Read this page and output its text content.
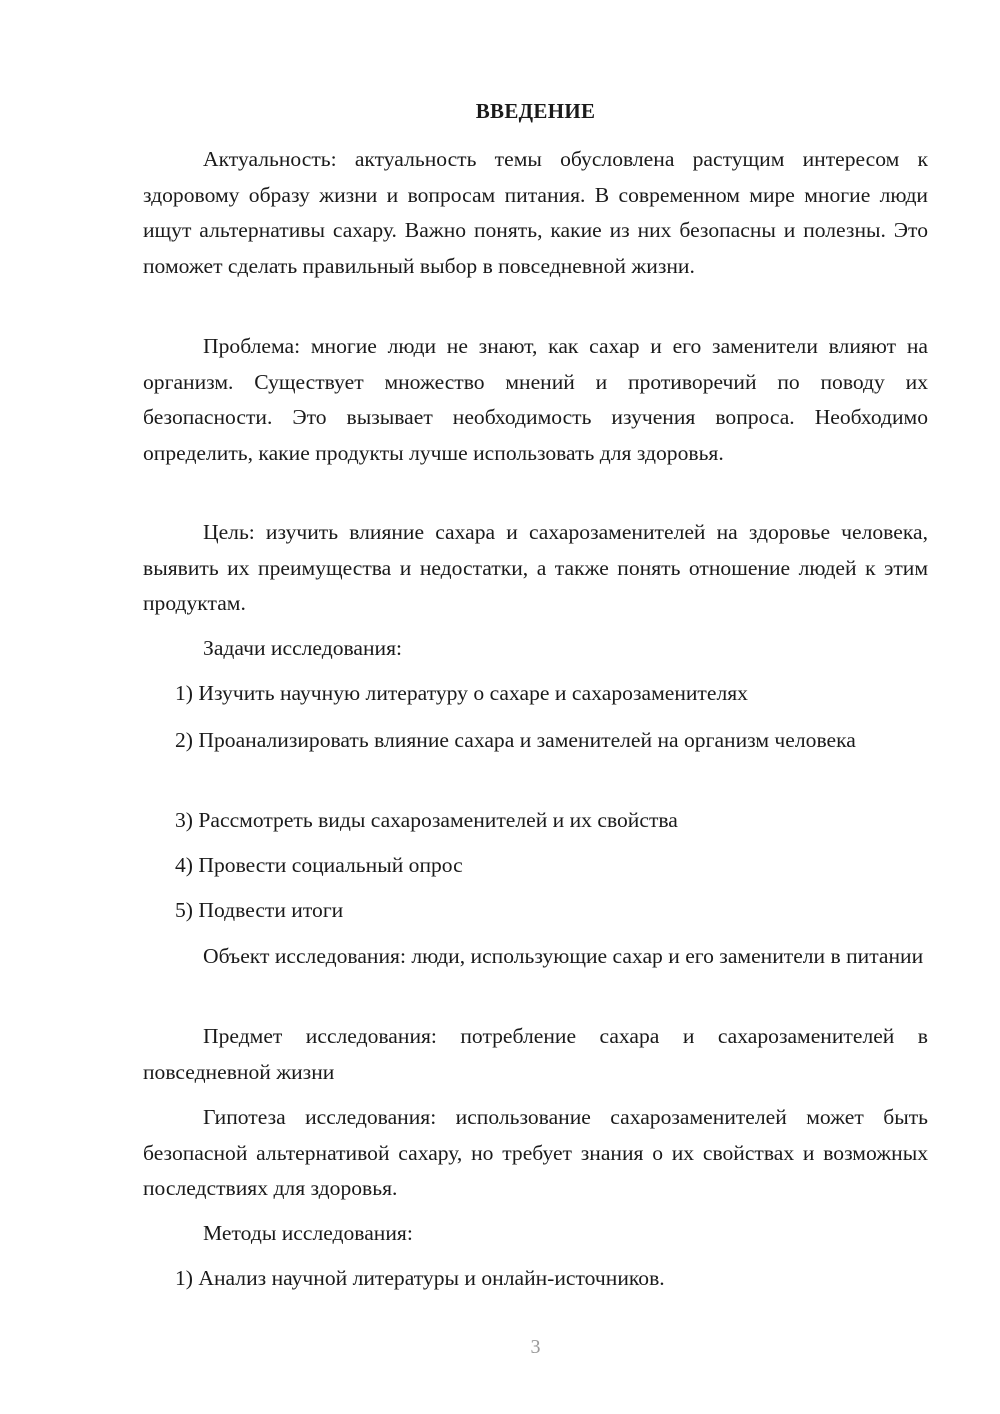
ВВЕДЕНИЕ

Актуальность: актуальность темы обусловлена растущим интересом к здоровому образу жизни и вопросам питания. В современном мире многие люди ищут альтернативы сахару. Важно понять, какие из них безопасны и полезны. Это поможет сделать правильный выбор в повседневной жизни.

Проблема: многие люди не знают, как сахар и его заменители влияют на организм. Существует множество мнений и противоречий по поводу их безопасности. Это вызывает необходимость изучения вопроса. Необходимо определить, какие продукты лучше использовать для здоровья.

Цель: изучить влияние сахара и сахарозаменителей на здоровье человека, выявить их преимущества и недостатки, а также понять отношение людей к этим продуктам.

Задачи исследования:

1) Изучить научную литературу о сахаре и сахарозаменителях

2) Проанализировать влияние сахара и заменителей на организм человека

3) Рассмотреть виды сахарозаменителей и их свойства

4) Провести социальный опрос

5) Подвести итоги

Объект исследования: люди, использующие сахар и его заменители в питании

Предмет исследования: потребление сахара и сахарозаменителей в повседневной жизни

Гипотеза исследования: использование сахарозаменителей может быть безопасной альтернативой сахару, но требует знания о их свойствах и возможных последствиях для здоровья.

Методы исследования:

1) Анализ научной литературы и онлайн-источников.

3
